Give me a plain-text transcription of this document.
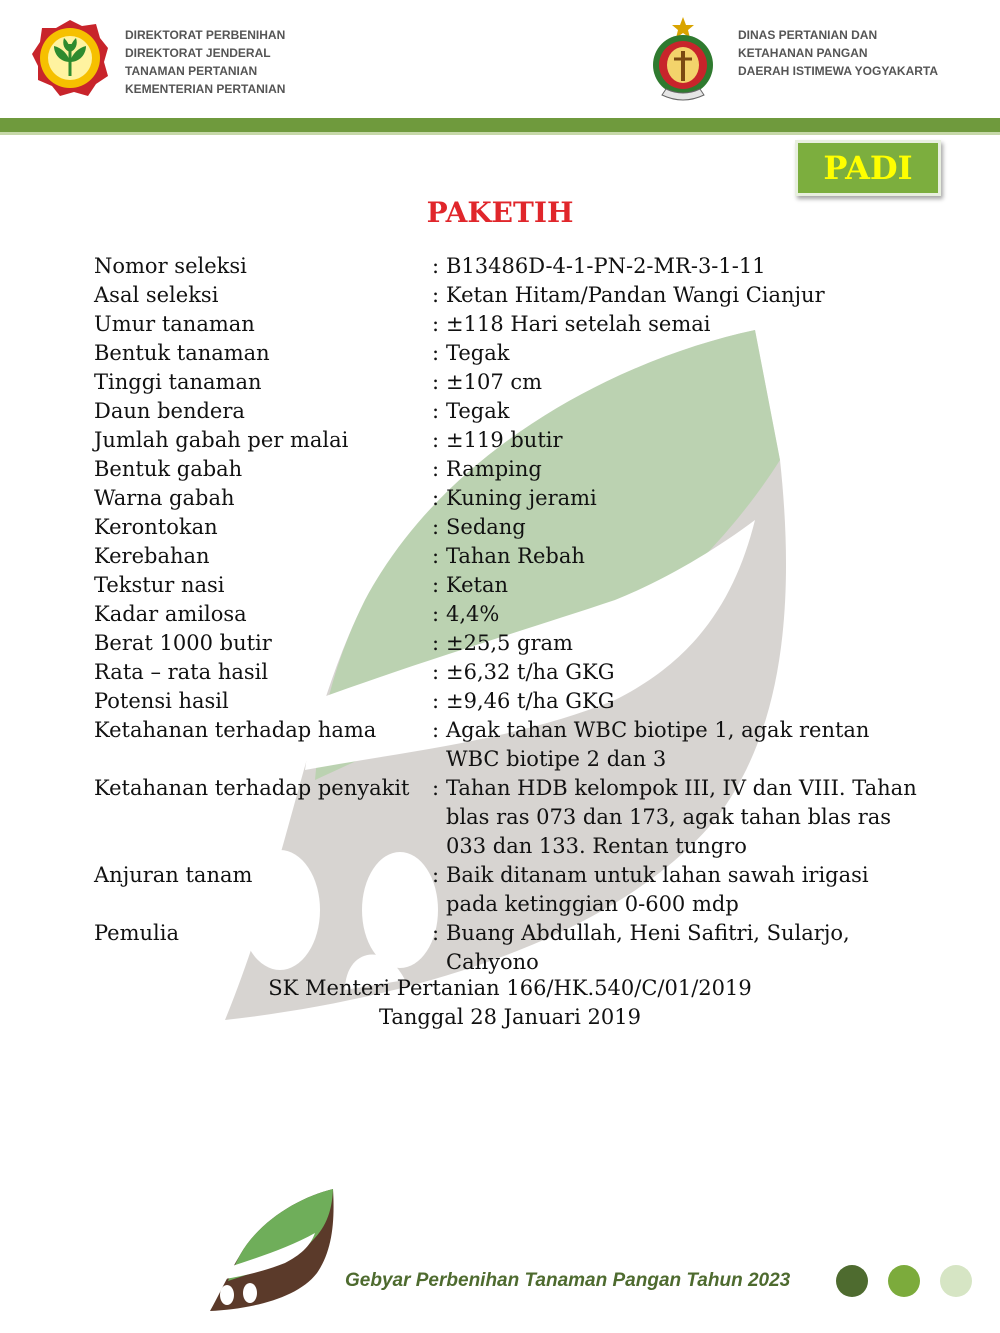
DIREKTORAT PERBENIHAN
DIREKTORAT JENDERAL
TANAMAN PERTANIAN
KEMENTERIAN PERTANIAN
DINAS PERTANIAN DAN
KETAHANAN PANGAN
DAERAH ISTIMEWA YOGYAKARTA
PADI
PAKETIH
Nomor seleksi	: B13486D-4-1-PN-2-MR-3-1-11
Asal seleksi	: Ketan Hitam/Pandan Wangi Cianjur
Umur tanaman	: ±118 Hari setelah semai
Bentuk tanaman	: Tegak
Tinggi tanaman	: ±107 cm
Daun bendera	: Tegak
Jumlah gabah per malai	: ±119 butir
Bentuk gabah	: Ramping
Warna gabah	: Kuning jerami
Kerontokan	: Sedang
Kerebahan	: Tahan Rebah
Tekstur nasi	: Ketan
Kadar amilosa	: 4,4%
Berat 1000 butir	: ±25,5 gram
Rata – rata hasil	: ±6,32 t/ha GKG
Potensi hasil	: ±9,46 t/ha GKG
Ketahanan terhadap hama	: Agak tahan WBC biotipe 1, agak rentan WBC biotipe 2 dan 3
Ketahanan terhadap penyakit	: Tahan HDB kelompok III, IV dan VIII. Tahan blas ras 073 dan 173, agak tahan blas ras 033 dan 133. Rentan tungro
Anjuran tanam	: Baik ditanam untuk lahan sawah irigasi pada ketinggian 0-600 mdp
Pemulia	: Buang Abdullah, Heni Safitri, Sularjo, Cahyono
SK Menteri Pertanian 166/HK.540/C/01/2019
Tanggal 28 Januari 2019
Gebyar Perbenihan Tanaman Pangan Tahun 2023
